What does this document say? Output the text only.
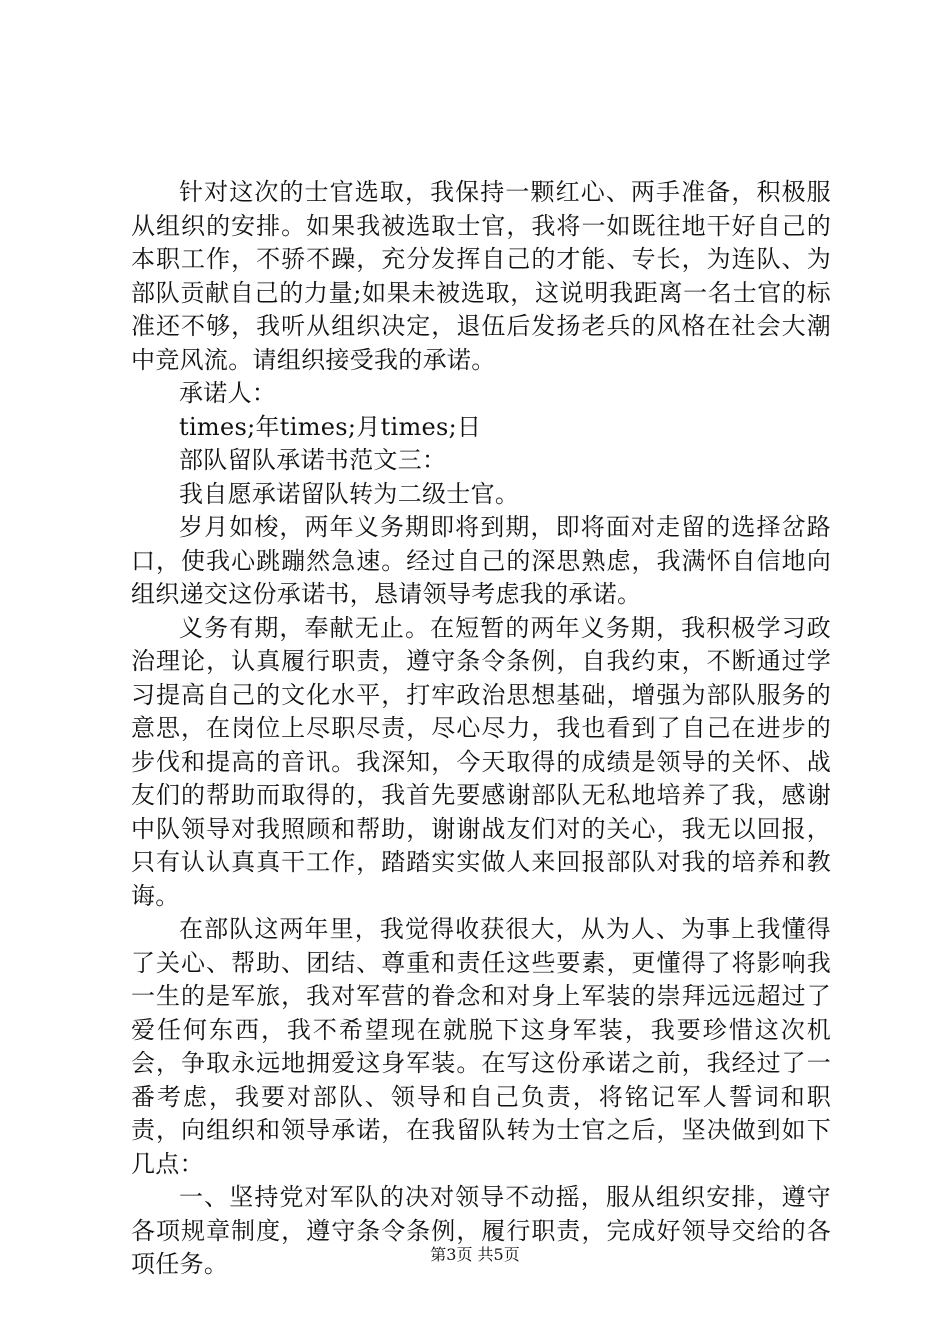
针对这次的士官选取，我保持一颗红心、两手准备，积极服从组织的安排。如果我被选取士官，我将一如既往地干好自己的本职工作，不骄不躁，充分发挥自己的才能、专长，为连队、为部队贡献自己的力量;如果未被选取，这说明我距离一名士官的标准还不够，我听从组织决定，退伍后发扬老兵的风格在社会大潮中竞风流。请组织接受我的承诺。

承诺人：

times;年times;月times;日

部队留队承诺书范文三：

我自愿承诺留队转为二级士官。

岁月如梭，两年义务期即将到期，即将面对走留的选择岔路口，使我心跳蹦然急速。经过自己的深思熟虑，我满怀自信地向组织递交这份承诺书，恳请领导考虑我的承诺。

义务有期，奉献无止。在短暂的两年义务期，我积极学习政治理论，认真履行职责，遵守条令条例，自我约束，不断通过学习提高自己的文化水平，打牢政治思想基础，增强为部队服务的意思，在岗位上尽职尽责，尽心尽力，我也看到了自己在进步的步伐和提高的音讯。我深知，今天取得的成绩是领导的关怀、战友们的帮助而取得的，我首先要感谢部队无私地培养了我，感谢中队领导对我照顾和帮助，谢谢战友们对的关心，我无以回报，只有认认真真干工作，踏踏实实做人来回报部队对我的培养和教诲。

在部队这两年里，我觉得收获很大，从为人、为事上我懂得了关心、帮助、团结、尊重和责任这些要素，更懂得了将影响我一生的是军旅，我对军营的眷念和对身上军装的崇拜远远超过了爱任何东西，我不希望现在就脱下这身军装，我要珍惜这次机会，争取永远地拥爱这身军装。在写这份承诺之前，我经过了一番考虑，我要对部队、领导和自己负责，将铭记军人誓词和职责，向组织和领导承诺，在我留队转为士官之后，坚决做到如下几点：

一、坚持党对军队的决对领导不动摇，服从组织安排，遵守各项规章制度，遵守条令条例，履行职责，完成好领导交给的各项任务。	第3页 共5页
